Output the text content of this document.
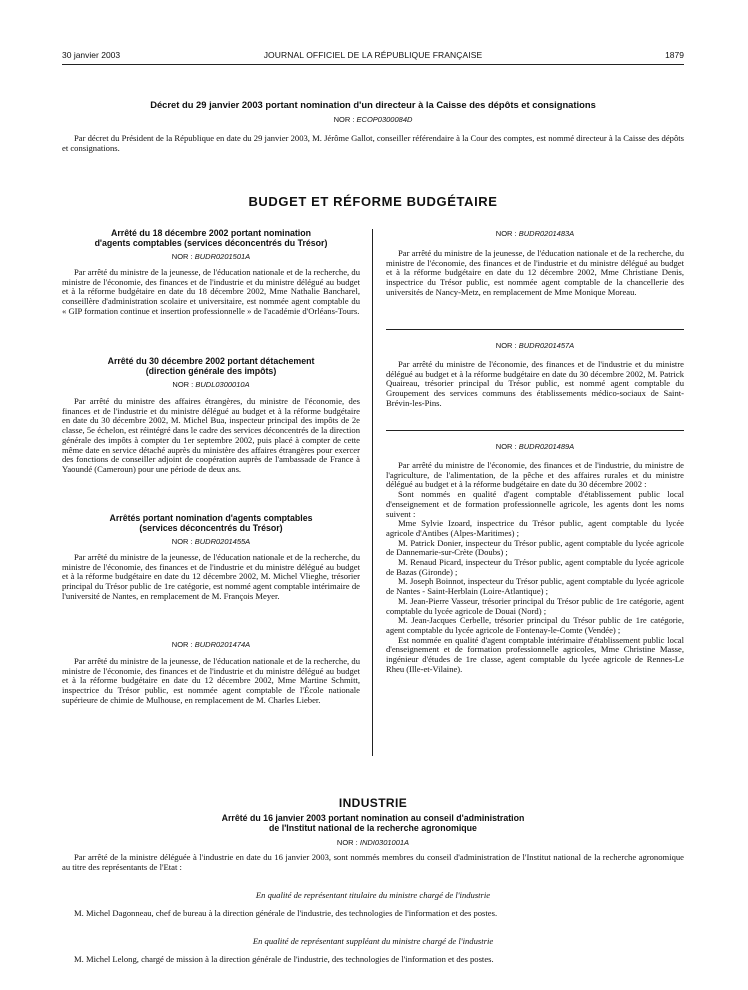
30 janvier 2003	JOURNAL OFFICIEL DE LA RÉPUBLIQUE FRANÇAISE	1879
Décret du 29 janvier 2003 portant nomination d'un directeur à la Caisse des dépôts et consignations
NOR : ECOP0300084D

Par décret du Président de la République en date du 29 janvier 2003, M. Jérôme Gallot, conseiller référendaire à la Cour des comptes, est nommé directeur à la Caisse des dépôts et consignations.

BUDGET ET RÉFORME BUDGÉTAIRE
Arrêté du 18 décembre 2002 portant nomination
d'agents comptables (services déconcentrés du Trésor)
NOR : BUDR0201501A

Par arrêté du ministre de la jeunesse, de l'éducation nationale et de la recherche, du ministre de l'économie, des finances et de l'industrie et du ministre délégué au budget et à la réforme budgétaire en date du 18 décembre 2002, Mme Nathalie Bancharel, conseillère d'administration scolaire et universitaire, est nommée agent comptable du « GIP formation continue et insertion professionnelle » de l'académie d'Orléans-Tours.

Arrêté du 30 décembre 2002 portant détachement
(direction générale des impôts)
NOR : BUDL0300010A

Par arrêté du ministre des affaires étrangères, du ministre de l'économie, des finances et de l'industrie et du ministre délégué au budget et à la réforme budgétaire en date du 30 décembre 2002, M. Michel Bua, inspecteur principal des impôts de 2e classe, 5e échelon, est réintégré dans le cadre des services déconcentrés de la direction générale des impôts à compter du 1er septembre 2002, puis placé à compter de cette même date en service détaché auprès du ministère des affaires étrangères pour exercer des fonctions de conseiller adjoint de coopération auprès de l'ambassade de France à Yaoundé (Cameroun) pour une période de deux ans.

Arrêtés portant nomination d'agents comptables
(services déconcentrés du Trésor)
NOR : BUDR0201455A

Par arrêté du ministre de la jeunesse, de l'éducation nationale et de la recherche, du ministre de l'économie, des finances et de l'industrie et du ministre délégué au budget et à la réforme budgétaire en date du 12 décembre 2002, M. Michel Vlieghe, trésorier principal du Trésor public de 1re catégorie, est nommé agent comptable intérimaire de l'université de Nantes, en remplacement de M. François Meyer.

NOR : BUDR0201474A

Par arrêté du ministre de la jeunesse, de l'éducation nationale et de la recherche, du ministre de l'économie, des finances et de l'industrie et du ministre délégué au budget et à la réforme budgétaire en date du 12 décembre 2002, Mme Martine Schmitt, inspectrice du Trésor public, est nommée agent comptable de l'École nationale supérieure de chimie de Mulhouse, en remplacement de M. Charles Lieber.

NOR : BUDR0201483A

Par arrêté du ministre de la jeunesse, de l'éducation nationale et de la recherche, du ministre de l'économie, des finances et de l'industrie et du ministre délégué au budget et à la réforme budgétaire en date du 12 décembre 2002, Mme Christiane Denis, inspectrice du Trésor public, est nommée agent comptable de la chancellerie des universités de Nancy-Metz, en remplacement de Mme Monique Moreau.

NOR : BUDR0201457A

Par arrêté du ministre de l'économie, des finances et de l'industrie et du ministre délégué au budget et à la réforme budgétaire en date du 30 décembre 2002, M. Patrick Quaireau, trésorier principal du Trésor public, est nommé agent comptable du Groupement des services communs des établissements médico-sociaux de Saint-Brévin-les-Pins.

NOR : BUDR0201489A

Par arrêté du ministre de l'économie, des finances et de l'industrie, du ministre de l'agriculture, de l'alimentation, de la pêche et des affaires rurales et du ministre délégué au budget et à la réforme budgétaire en date du 30 décembre 2002 :

Sont nommés en qualité d'agent comptable d'établissement public local d'enseignement et de formation professionnelle agricole, les agents dont les noms suivent :

Mme Sylvie Izoard, inspectrice du Trésor public, agent comptable du lycée agricole d'Antibes (Alpes-Maritimes) ;

M. Patrick Donier, inspecteur du Trésor public, agent comptable du lycée agricole de Dannemarie-sur-Crète (Doubs) ;

M. Renaud Picard, inspecteur du Trésor public, agent comptable du lycée agricole de Bazas (Gironde) ;

M. Joseph Boinnot, inspecteur du Trésor public, agent comptable du lycée agricole de Nantes - Saint-Herblain (Loire-Atlantique) ;

M. Jean-Pierre Vasseur, trésorier principal du Trésor public de 1re catégorie, agent comptable du lycée agricole de Douai (Nord) ;

M. Jean-Jacques Cerbelle, trésorier principal du Trésor public de 1re catégorie, agent comptable du lycée agricole de Fontenay-le-Comte (Vendée) ;

Est nommée en qualité d'agent comptable intérimaire d'établissement public local d'enseignement et de formation professionnelle agricoles, Mme Christine Masse, ingénieur d'études de 1re classe, agent comptable du lycée agricole de Rennes-Le Rheu (Ille-et-Vilaine).

INDUSTRIE
Arrêté du 16 janvier 2003 portant nomination au conseil d'administration
de l'Institut national de la recherche agronomique
NOR : INDI0301001A

Par arrêté de la ministre déléguée à l'industrie en date du 16 janvier 2003, sont nommés membres du conseil d'administration de l'Institut national de la recherche agronomique au titre des représentants de l'Etat :

En qualité de représentant titulaire du ministre chargé de l'industrie

M. Michel Dagonneau, chef de bureau à la direction générale de l'industrie, des technologies de l'information et des postes.

En qualité de représentant suppléant du ministre chargé de l'industrie

M. Michel Lelong, chargé de mission à la direction générale de l'industrie, des technologies de l'information et des postes.
